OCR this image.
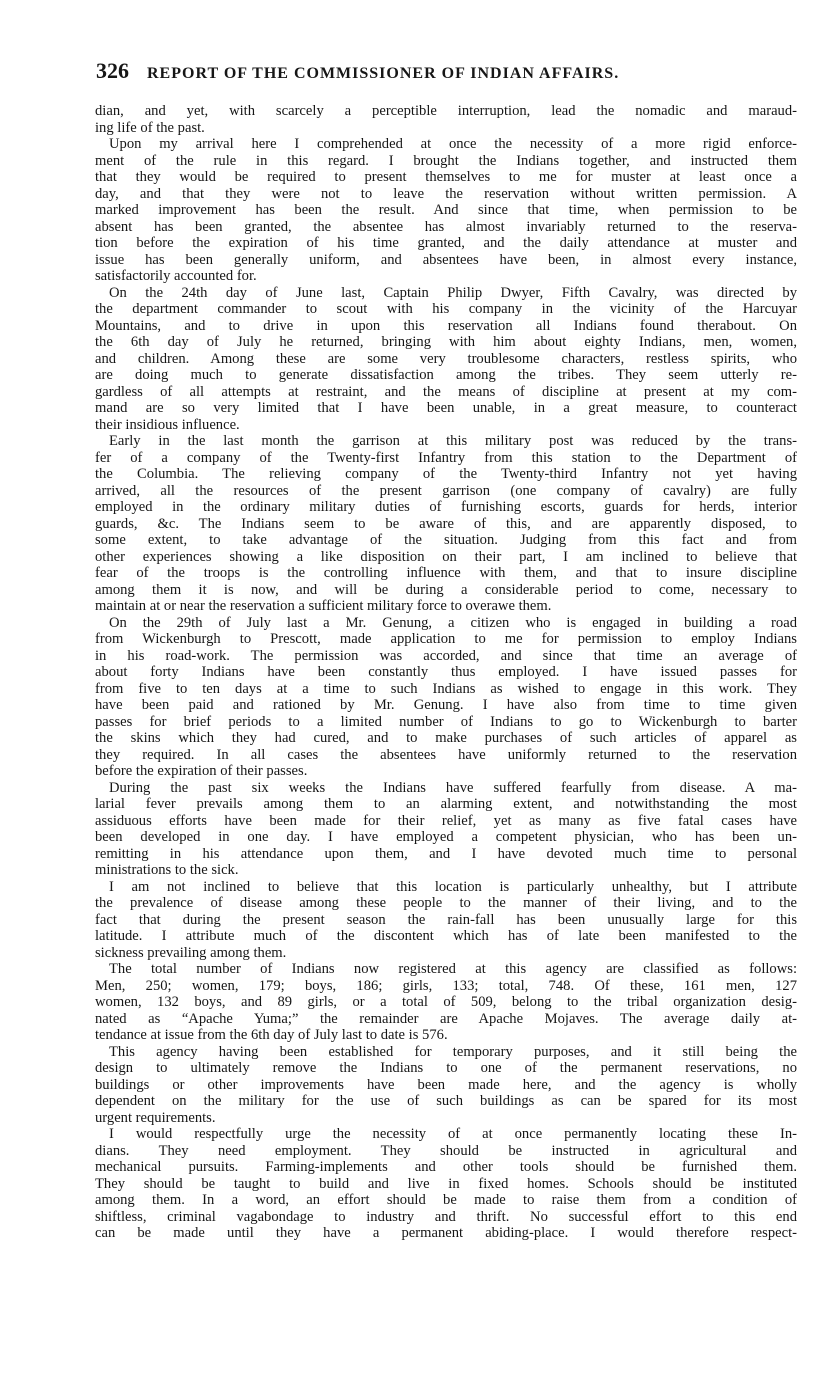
326 REPORT OF THE COMMISSIONER OF INDIAN AFFAIRS.
dian, and yet, with scarcely a perceptible interruption, lead the nomadic and maraud-
ing life of the past.
Upon my arrival here I comprehended at once the necessity of a more rigid enforce-
ment of the rule in this regard. I brought the Indians together, and instructed them
that they would be required to present themselves to me for muster at least once a
day, and that they were not to leave the reservation without written permission. A
marked improvement has been the result. And since that time, when permission to be
absent has been granted, the absentee has almost invariably returned to the reserva-
tion before the expiration of his time granted, and the daily attendance at muster and
issue has been generally uniform, and absentees have been, in almost every instance,
satisfactorily accounted for.
On the 24th day of June last, Captain Philip Dwyer, Fifth Cavalry, was directed by
the department commander to scout with his company in the vicinity of the Harcuyar
Mountains, and to drive in upon this reservation all Indians found therabout. On
the 6th day of July he returned, bringing with him about eighty Indians, men, women,
and children. Among these are some very troublesome characters, restless spirits, who
are doing much to generate dissatisfaction among the tribes. They seem utterly re-
gardless of all attempts at restraint, and the means of discipline at present at my com-
mand are so very limited that I have been unable, in a great measure, to counteract
their insidious influence.
Early in the last month the garrison at this military post was reduced by the trans-
fer of a company of the Twenty-first Infantry from this station to the Department of
the Columbia. The relieving company of the Twenty-third Infantry not yet having
arrived, all the resources of the present garrison (one company of cavalry) are fully
employed in the ordinary military duties of furnishing escorts, guards for herds, interior
guards, &c. The Indians seem to be aware of this, and are apparently disposed, to
some extent, to take advantage of the situation. Judging from this fact and from
other experiences showing a like disposition on their part, I am inclined to believe that
fear of the troops is the controlling influence with them, and that to insure discipline
among them it is now, and will be during a considerable period to come, necessary to
maintain at or near the reservation a sufficient military force to overawe them.
On the 29th of July last a Mr. Genung, a citizen who is engaged in building a road
from Wickenburgh to Prescott, made application to me for permission to employ Indians
in his road-work. The permission was accorded, and since that time an average of
about forty Indians have been constantly thus employed. I have issued passes for
from five to ten days at a time to such Indians as wished to engage in this work. They
have been paid and rationed by Mr. Genung. I have also from time to time given
passes for brief periods to a limited number of Indians to go to Wickenburgh to barter
the skins which they had cured, and to make purchases of such articles of apparel as
they required. In all cases the absentees have uniformly returned to the reservation
before the expiration of their passes.
During the past six weeks the Indians have suffered fearfully from disease. A ma-
larial fever prevails among them to an alarming extent, and notwithstanding the most
assiduous efforts have been made for their relief, yet as many as five fatal cases have
been developed in one day. I have employed a competent physician, who has been un-
remitting in his attendance upon them, and I have devoted much time to personal
ministrations to the sick.
I am not inclined to believe that this location is particularly unhealthy, but I attribute
the prevalence of disease among these people to the manner of their living, and to the
fact that during the present season the rain-fall has been unusually large for this
latitude. I attribute much of the discontent which has of late been manifested to the
sickness prevailing among them.
The total number of Indians now registered at this agency are classified as follows:
Men, 250; women, 179; boys, 186; girls, 133; total, 748. Of these, 161 men, 127
women, 132 boys, and 89 girls, or a total of 509, belong to the tribal organization desig-
nated as “Apache Yuma;” the remainder are Apache Mojaves. The average daily at-
tendance at issue from the 6th day of July last to date is 576.
This agency having been established for temporary purposes, and it still being the
design to ultimately remove the Indians to one of the permanent reservations, no
buildings or other improvements have been made here, and the agency is wholly
dependent on the military for the use of such buildings as can be spared for its most
urgent requirements.
I would respectfully urge the necessity of at once permanently locating these In-
dians. They need employment. They should be instructed in agricultural and
mechanical pursuits. Farming-implements and other tools should be furnished them.
They should be taught to build and live in fixed homes. Schools should be instituted
among them. In a word, an effort should be made to raise them from a condition of
shiftless, criminal vagabondage to industry and thrift. No successful effort to this end
can be made until they have a permanent abiding-place. I would therefore respect-
